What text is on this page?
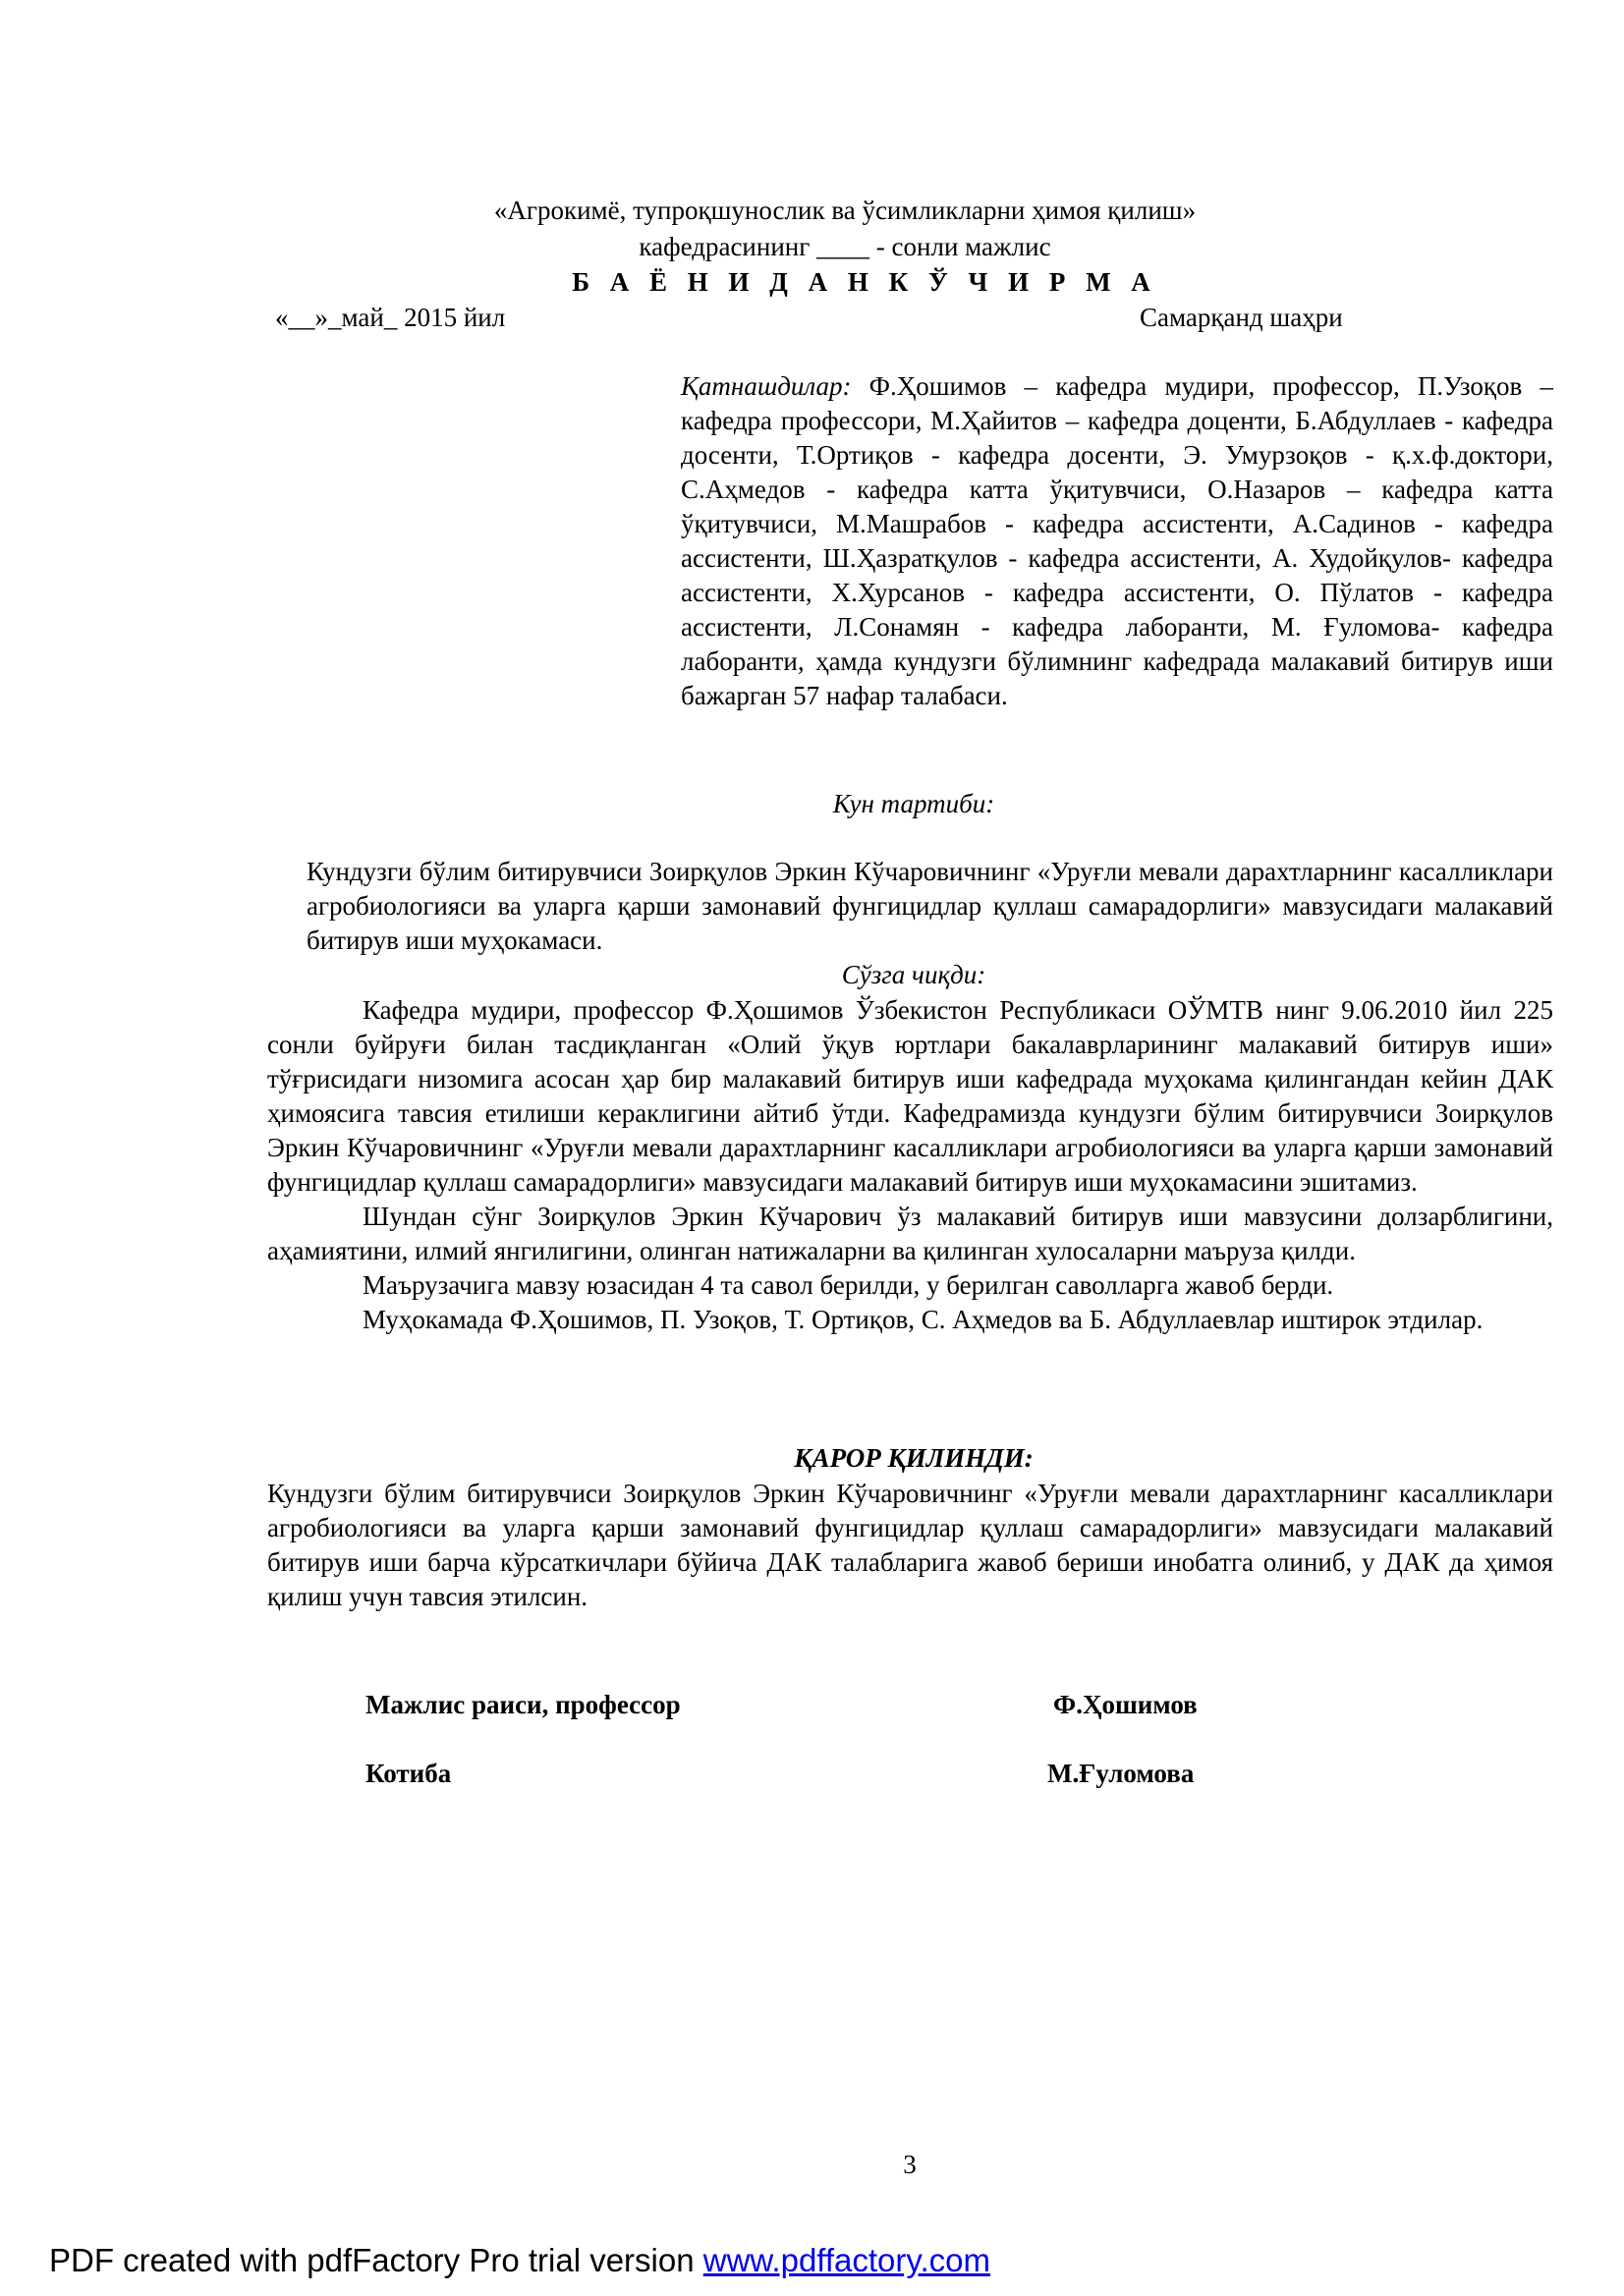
«Агрокимё, тупроқшунослик ва ўсимликларни ҳимоя қилиш»
кафедрасининг ____ - сонли мажлис
Б А Ё Н И Д А Н К Ў Ч И Р М А
«__»_май_ 2015 йил	Самарқанд шаҳри
Қатнашдилар: Ф.Ҳошимов – кафедра мудири, профессор, П.Узоқов – кафедра профессори, М.Ҳайитов – кафедра доценти, Б.Абдуллаев - кафедра досенти, Т.Ортиқов - кафедра досенти, Э. Умурзоқов - қ.х.ф.доктори, С.Аҳмедов - кафедра катта ўқитувчиси, О.Назаров – кафедра катта ўқитувчиси, М.Машрабов - кафедра ассистенти, А.Садинов - кафедра ассистенти, Ш.Ҳазратқулов - кафедра ассистенти, А. Худойқулов- кафедра ассистенти, Х.Хурсанов - кафедра ассистенти, О. Пўлатов - кафедра ассистенти, Л.Сонамян - кафедра лаборанти, М. Ғуломова- кафедра лаборанти, ҳамда кундузги бўлимнинг кафедрада малакавий битирув иши бажарган 57 нафар талабаси.
Кун тартиби:
Кундузги бўлим битирувчиси Зоирқулов Эркин Кўчаровичнинг «Уруғли мевали дарахтларнинг касалликлари агробиологияси ва уларга қарши замонавий фунгицидлар қуллаш самарадорлиги» мавзусидаги малакавий битирув иши муҳокамаси.
Сўзга чиқди:

Кафедра мудири, профессор Ф.Ҳошимов Ўзбекистон Республикаси ОЎМТВ нинг 9.06.2010 йил 225 сонли буйруғи билан тасдиқланган «Олий ўқув юртлари бакалаврларининг малакавий битирув иши» тўғрисидаги низомига асосан ҳар бир малакавий битирув иши кафедрада муҳокама қилингандан кейин ДАК ҳимоясига тавсия етилиши кераклигини айтиб ўтди. Кафедрамизда кундузги бўлим битирувчиси Зоирқулов Эркин Кўчаровичнинг «Уруғли мевали дарахтларнинг касалликлари агробиологияси ва уларга қарши замонавий фунгицидлар қуллаш самарадорлиги» мавзусидаги малакавий битирув иши муҳокамасини эшитамиз.

Шундан сўнг Зоирқулов Эркин Кўчарович ўз малакавий битирув иши мавзусини долзарблигини, аҳамиятини, илмий янгилигини, олинган натижаларни ва қилинган хулосаларни маъруза қилди.

Маърузачига мавзу юзасидан 4 та савол берилди, у берилган саволларга жавоб берди.

Муҳокамада Ф.Ҳошимов, П. Узоқов, Т. Ортиқов, С. Аҳмедов ва Б. Абдуллаевлар иштирок этдилар.

ҚАРОР ҚИЛИНДИ:
Кундузги бўлим битирувчиси Зоирқулов Эркин Кўчаровичнинг «Уруғли мевали дарахтларнинг касалликлари агробиологияси ва уларга қарши замонавий фунгицидлар қуллаш самарадорлиги» мавзусидаги малакавий битирув иши барча кўрсаткичлари бўйича ДАК талабларига жавоб бериши инобатга олиниб, у ДАК да ҳимоя қилиш учун тавсия этилсин.
Мажлис раиси, профессор	Ф.Ҳошимов
Котиба	М.Ғуломова
3
PDF created with pdfFactory Pro trial version www.pdffactory.com
